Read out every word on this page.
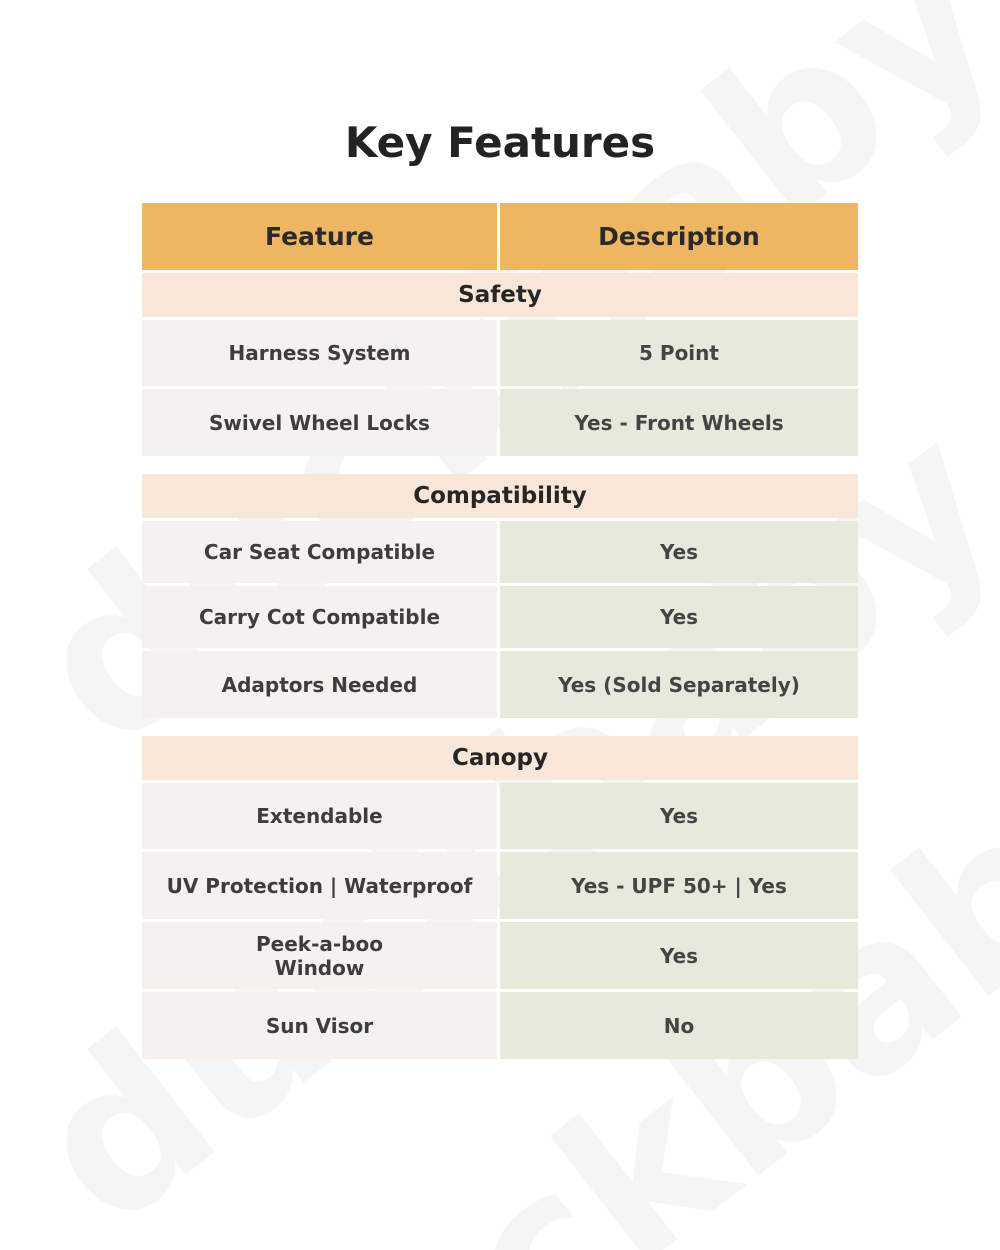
Key Features
Feature	Description
Safety
Harness System	5 Point
Swivel Wheel Locks	Yes - Front Wheels
Compatibility
Car Seat Compatible	Yes
Carry Cot Compatible	Yes
Adaptors Needed	Yes (Sold Separately)
Canopy
Extendable	Yes
UV Protection | Waterproof	Yes - UPF 50+ | Yes
Peek-a-boo Window	Yes
Sun Visor	No
